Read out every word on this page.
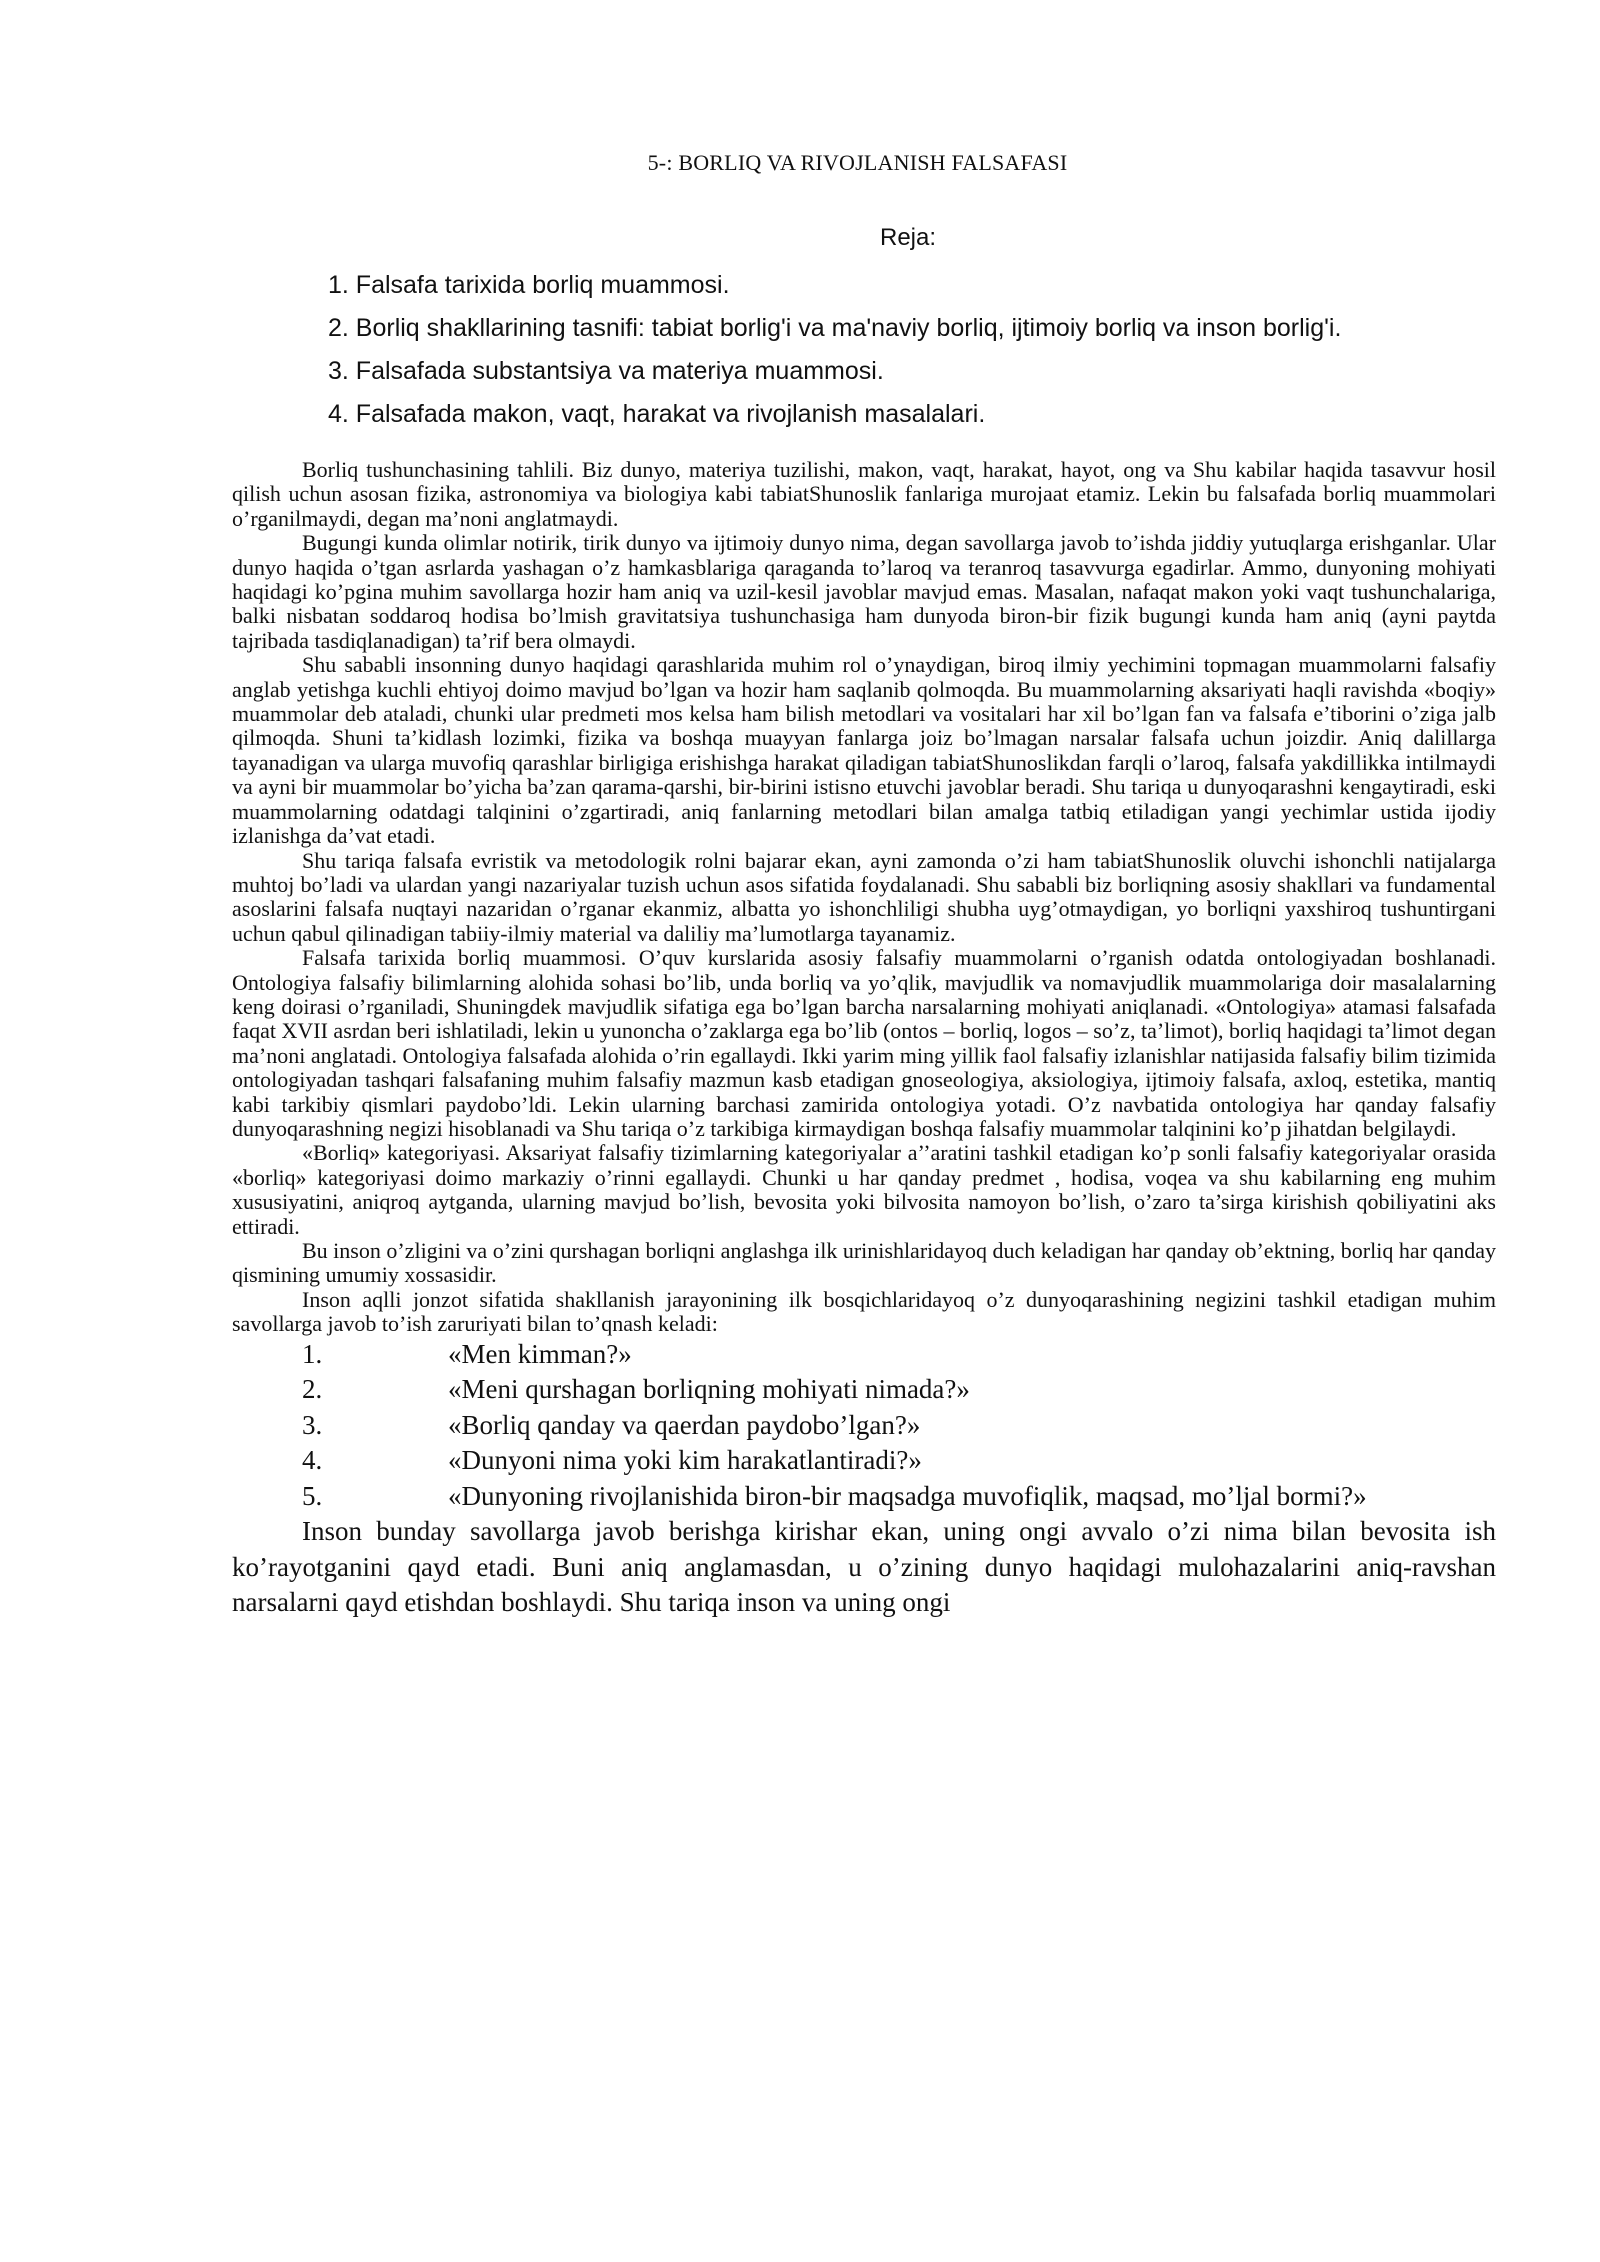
5-: BORLIQ VA RIVOJLANISH FALSAFASI
Reja:
1. Falsafa tarixida borliq muammosi.
2. Borliq shakllarining tasnifi: tabiat borlig'i va ma'naviy borliq, ijtimoiy borliq va inson borlig'i.
3. Falsafada substantsiya va materiya muammosi.
4. Falsafada makon, vaqt, harakat va rivojlanish masalalari.

Borliq tushunchasining tahlili. Biz dunyo, materiya tuzilishi, makon, vaqt, harakat, hayot, ong va Shu kabilar haqida tasavvur hosil qilish uchun asosan fizika, astronomiya va biologiya kabi tabiatShunoslik fanlariga murojaat etamiz. Lekin bu falsafada borliq muammolari o’rganilmaydi, degan ma’noni anglatmaydi.

Bugungi kunda olimlar notirik, tirik dunyo va ijtimoiy dunyo nima, degan savollarga javob to’ishda jiddiy yutuqlarga erishganlar. Ular dunyo haqida o’tgan asrlarda yashagan o’z hamkasblariga qaraganda to’laroq va teranroq tasavvurga egadirlar. Ammo, dunyoning mohiyati haqidagi ko’pgina muhim savollarga hozir ham aniq va uzil-kesil javoblar mavjud emas. Masalan, nafaqat makon yoki vaqt tushunchalariga, balki nisbatan soddaroq hodisa bo’lmish gravitatsiya tushunchasiga ham dunyoda biron-bir fizik bugungi kunda ham aniq (ayni paytda tajribada tasdiqlanadigan) ta’rif bera olmaydi.

Shu sababli insonning dunyo haqidagi qarashlarida muhim rol o’ynaydigan, biroq ilmiy yechimini topmagan muammolarni falsafiy anglab yetishga kuchli ehtiyoj doimo mavjud bo’lgan va hozir ham saqlanib qolmoqda. Bu muammolarning aksariyati haqli ravishda «boqiy» muammolar deb ataladi, chunki ular predmeti mos kelsa ham bilish metodlari va vositalari har xil bo’lgan fan va falsafa e’tiborini o’ziga jalb qilmoqda. Shuni ta’kidlash lozimki, fizika va boshqa muayyan fanlarga joiz bo’lmagan narsalar falsafa uchun joizdir. Aniq dalillarga tayanadigan va ularga muvofiq qarashlar birligiga erishishga harakat qiladigan tabiatShunoslikdan farqli o’laroq, falsafa yakdillikka intilmaydi va ayni bir muammolar bo’yicha ba’zan qarama-qarshi, bir-birini istisno etuvchi javoblar beradi. Shu tariqa u dunyoqarashni kengaytiradi, eski muammolarning odatdagi talqinini o’zgartiradi, aniq fanlarning metodlari bilan amalga tatbiq etiladigan yangi yechimlar ustida ijodiy izlanishga da’vat etadi.

Shu tariqa falsafa evristik va metodologik rolni bajarar ekan, ayni zamonda o’zi ham tabiatShunoslik oluvchi ishonchli natijalarga muhtoj bo’ladi va ulardan yangi nazariyalar tuzish uchun asos sifatida foydalanadi. Shu sababli biz borliqning asosiy shakllari va fundamental asoslarini falsafa nuqtayi nazaridan o’rganar ekanmiz, albatta yo ishonchliligi shubha uyg’otmaydigan, yo borliqni yaxshiroq tushuntirgani uchun qabul qilinadigan tabiiy-ilmiy material va daliliy ma’lumotlarga tayanamiz.

Falsafa tarixida borliq muammosi. O’quv kurslarida asosiy falsafiy muammolarni o’rganish odatda ontologiyadan boshlanadi. Ontologiya falsafiy bilimlarning alohida sohasi bo’lib, unda borliq va yo’qlik, mavjudlik va nomavjudlik muammolariga doir masalalarning keng doirasi o’rganiladi, Shuningdek mavjudlik sifatiga ega bo’lgan barcha narsalarning mohiyati aniqlanadi. «Ontologiya» atamasi falsafada faqat XVII asrdan beri ishlatiladi, lekin u yunoncha o’zaklarga ega bo’lib (ontos – borliq, logos – so’z, ta’limot), borliq haqidagi ta’limot degan ma’noni anglatadi. Ontologiya falsafada alohida o’rin egallaydi. Ikki yarim ming yillik faol falsafiy izlanishlar natijasida falsafiy bilim tizimida ontologiyadan tashqari falsafaning muhim falsafiy mazmun kasb etadigan gnoseologiya, aksiologiya, ijtimoiy falsafa, axloq, estetika, mantiq kabi tarkibiy qismlari paydobo’ldi. Lekin ularning barchasi zamirida ontologiya yotadi. O’z navbatida ontologiya har qanday falsafiy dunyoqarashning negizi hisoblanadi va Shu tariqa o’z tarkibiga kirmaydigan boshqa falsafiy muammolar talqinini ko’p jihatdan belgilaydi.

«Borliq» kategoriyasi. Aksariyat falsafiy tizimlarning kategoriyalar a’’aratini tashkil etadigan ko’p sonli falsafiy kategoriyalar orasida «borliq» kategoriyasi doimo markaziy o’rinni egallaydi. Chunki u har qanday predmet , hodisa, voqea va shu kabilarning eng muhim xususiyatini, aniqroq aytganda, ularning mavjud bo’lish, bevosita yoki bilvosita namoyon bo’lish, o’zaro ta’sirga kirishish qobiliyatini aks ettiradi.

Bu inson o’zligini va o’zini qurshagan borliqni anglashga ilk urinishlaridayoq duch keladigan har qanday ob’ektning, borliq har qanday qismining umumiy xossasidir.

Inson aqlli jonzot sifatida shakllanish jarayonining ilk bosqichlaridayoq o’z dunyoqarashining negizini tashkil etadigan muhim savollarga javob to’ish zaruriyati bilan to’qnash keladi:

1.	«Men kimman?»
2.	«Meni qurshagan borliqning mohiyati nimada?»
3.	«Borliq qanday va qaerdan paydobo’lgan?»
4.	«Dunyoni nima yoki kim harakatlantiradi?»
5.	«Dunyoning rivojlanishida biron-bir maqsadga muvofiqlik, maqsad, mo’ljal bormi?»

Inson bunday savollarga javob berishga kirishar ekan, uning ongi avvalo o’zi nima bilan bevosita ish ko’rayotganini qayd etadi. Buni aniq anglamasdan, u o’zining dunyo haqidagi mulohazalarini aniq-ravshan narsalarni qayd etishdan boshlaydi. Shu tariqa inson va uning ongi
